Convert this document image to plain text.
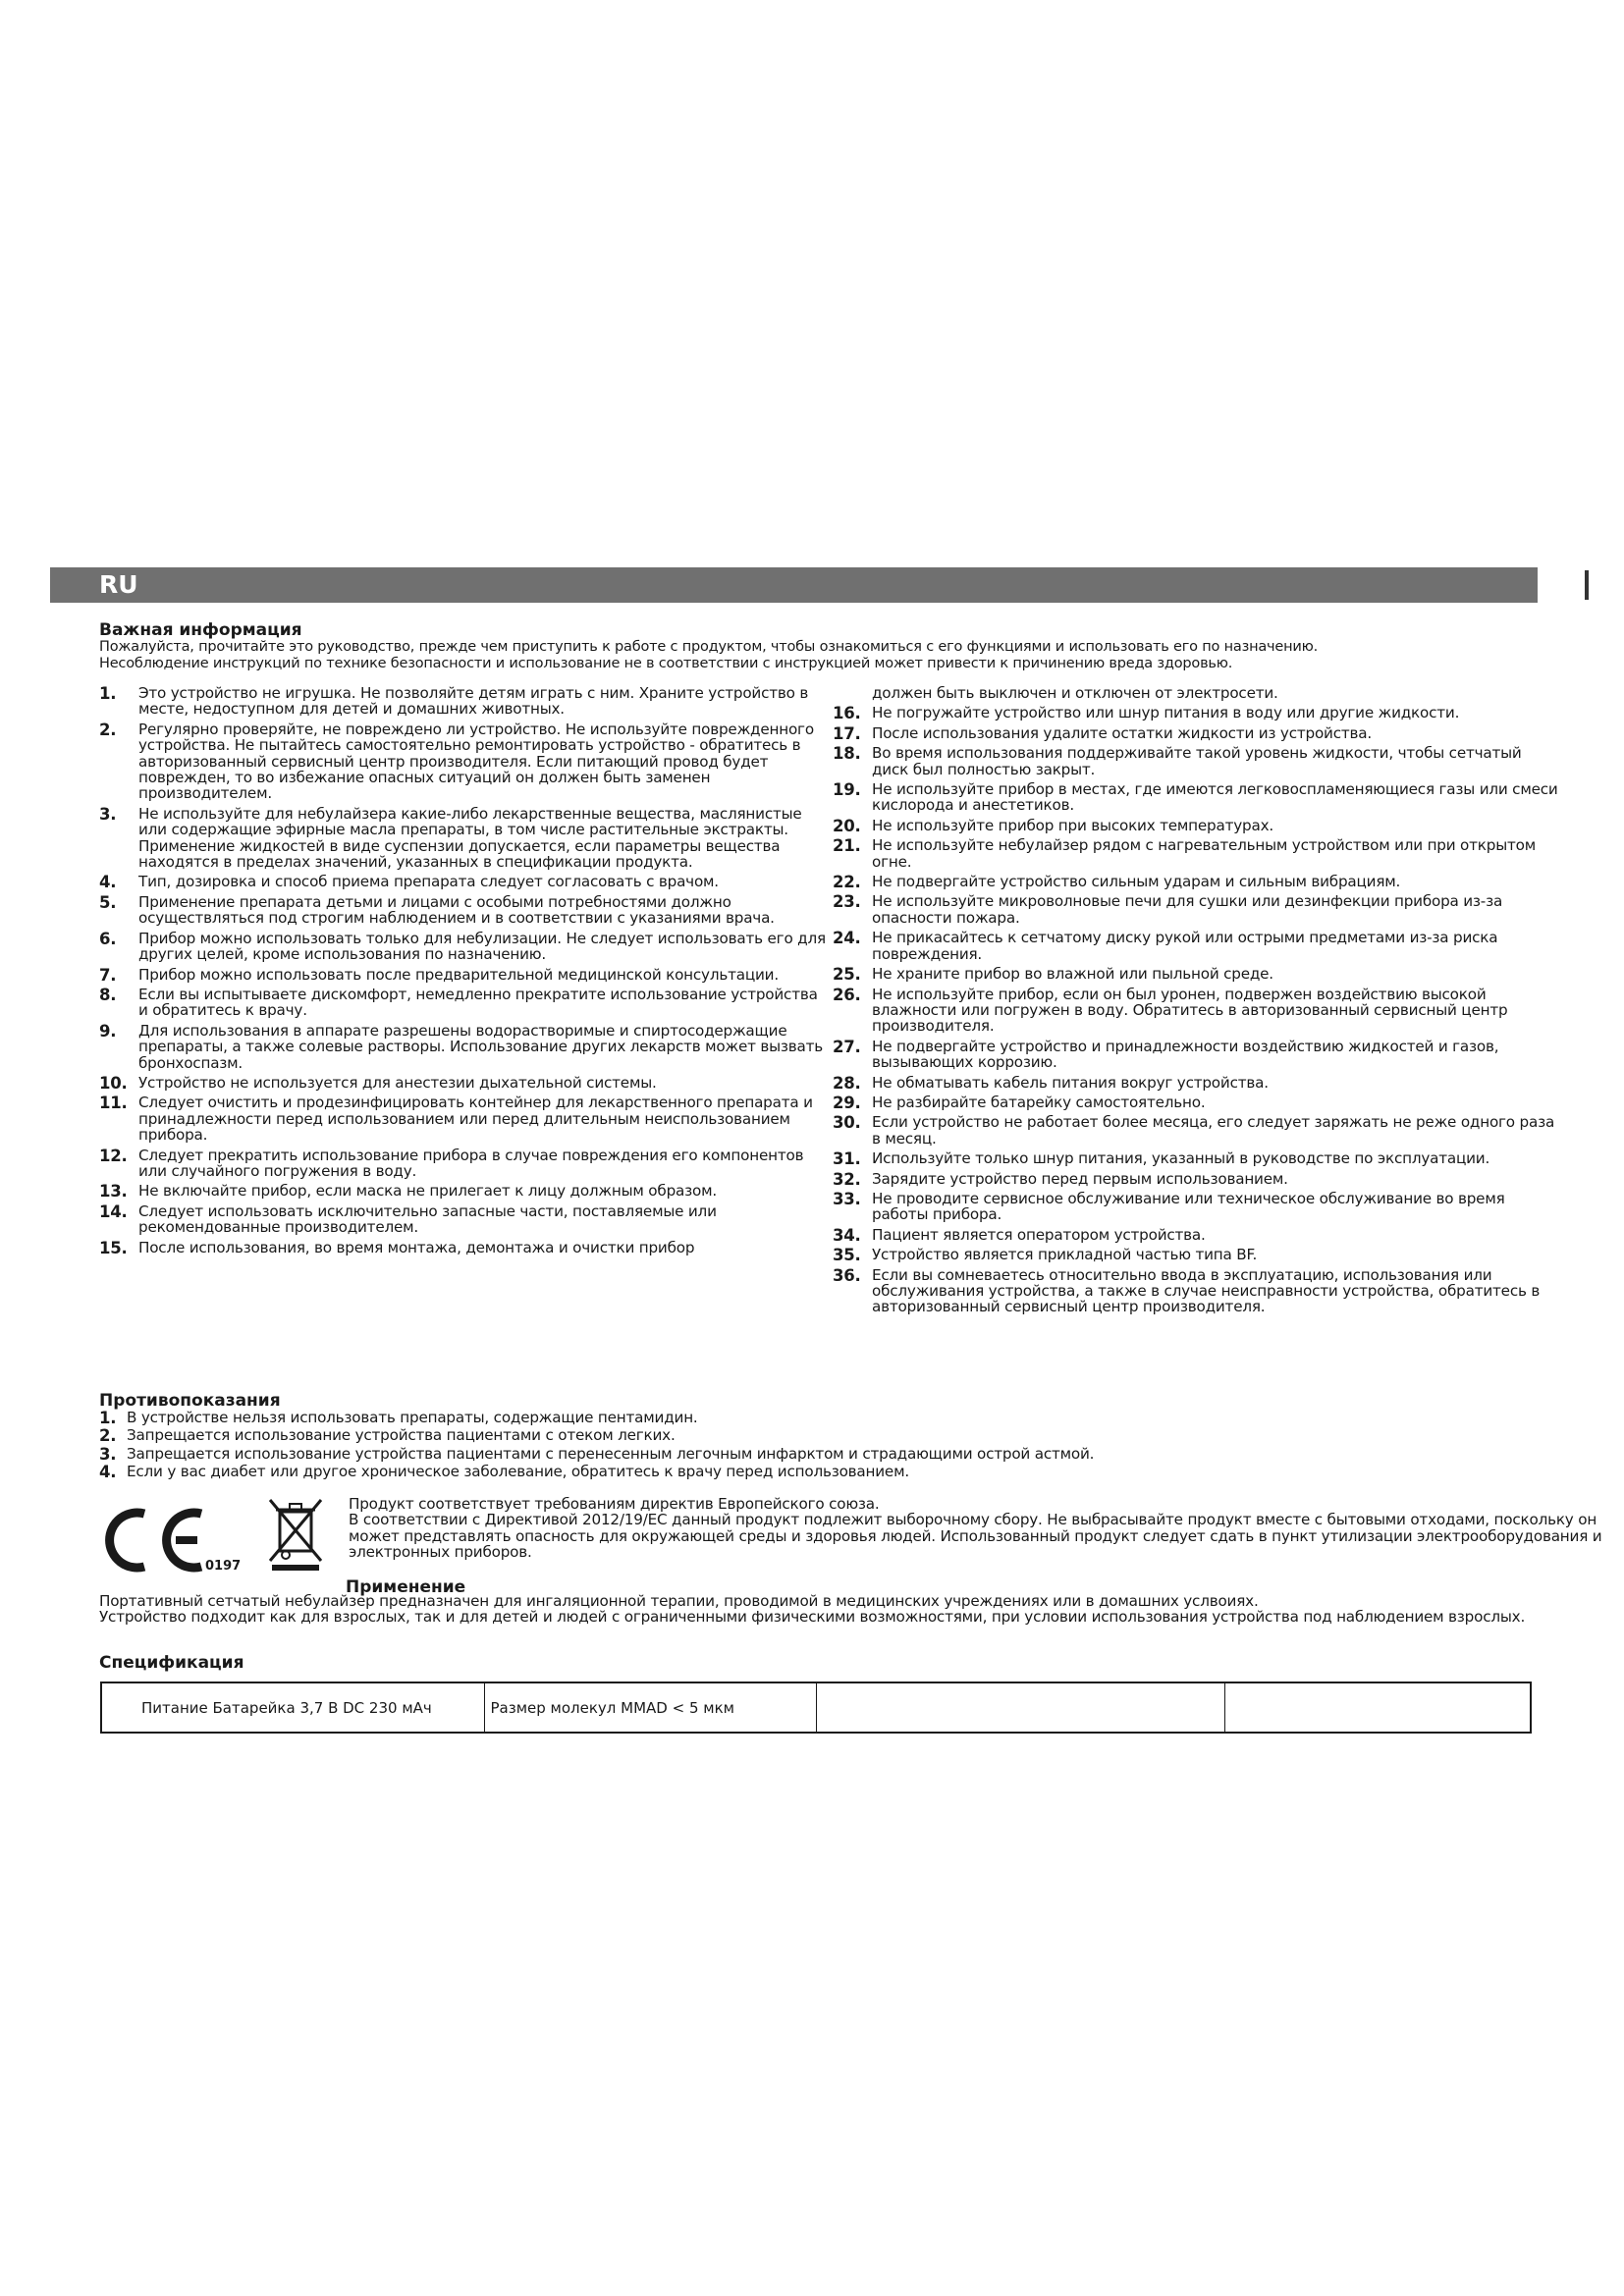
RU
Важная информация

Пожалуйста, прочитайте это руководство, прежде чем приступить к работе с продуктом, чтобы ознакомиться с его функциями и использовать его по назначению.

Несоблюдение инструкций по технике безопасности и использование не в соответствии с инструкцией может привести к причинению вреда здоровью.

1. Это устройство не игрушка. Не позволяйте детям играть с ним. Храните устройство в месте, недоступном для детей и домашних животных.
2. Регулярно проверяйте, не повреждено ли устройство. Не используйте поврежденного устройства. Не пытайтесь самостоятельно ремонтировать устройство - обратитесь в авторизованный сервисный центр производителя. Если питающий провод будет поврежден, то во избежание опасных ситуаций он должен быть заменен производителем.
3. Не используйте для небулайзера какие-либо лекарственные вещества, маслянистые или содержащие эфирные масла препараты, в том числе растительные экстракты. Применение жидкостей в виде суспензии допускается, если параметры вещества находятся в пределах значений, указанных в спецификации продукта.
4. Тип, дозировка и способ приема препарата следует согласовать с врачом.
5. Применение препарата детьми и лицами с особыми потребностями должно осуществляться под строгим наблюдением и в соответствии с указаниями врача.
6. Прибор можно использовать только для небулизации. Не следует использовать его для других целей, кроме использования по назначению.
7. Прибор можно использовать после предварительной медицинской консультации.
8. Если вы испытываете дискомфорт, немедленно прекратите использование устройства и обратитесь к врачу.
9. Для использования в аппарате разрешены водорастворимые и спиртосодержащие препараты, а также солевые растворы. Использование других лекарств может вызвать бронхоспазм.
10. Устройство не используется для анестезии дыхательной системы.
11. Следует очистить и продезинфицировать контейнер для лекарственного препарата и принадлежности перед использованием или перед длительным неиспользованием прибора.
12. Следует прекратить использование прибора в случае повреждения его компонентов или случайного погружения в воду.
13. Не включайте прибор, если маска не прилегает к лицу должным образом.
14. Следует использовать исключительно запасные части, поставляемые или рекомендованные производителем.
15. После использования, во время монтажа, демонтажа и очистки прибор
должен быть выключен и отключен от электросети.
16. Не погружайте устройство или шнур питания в воду или другие жидкости.
17. После использования удалите остатки жидкости из устройства.
18. Во время использования поддерживайте такой уровень жидкости, чтобы сетчатый диск был полностью закрыт.
19. Не используйте прибор в местах, где имеются легковоспламеняющиеся газы или смеси кислорода и анестетиков.
20. Не используйте прибор при высоких температурах.
21. Не используйте небулайзер рядом с нагревательным устройством или при открытом огне.
22. Не подвергайте устройство сильным ударам и сильным вибрациям.
23. Не используйте микроволновые печи для сушки или дезинфекции прибора из-за опасности пожара.
24. Не прикасайтесь к сетчатому диску рукой или острыми предметами из-за риска повреждения.
25. Не храните прибор во влажной или пыльной среде.
26. Не используйте прибор, если он был уронен, подвержен воздействию высокой влажности или погружен в воду. Обратитесь в авторизованный сервисный центр производителя.
27. Не подвергайте устройство и принадлежности воздействию жидкостей и газов, вызывающих коррозию.
28. Не обматывать кабель питания вокруг устройства.
29. Не разбирайте батарейку самостоятельно.
30. Если устройство не работает более месяца, его следует заряжать не реже одного раза в месяц.
31. Используйте только шнур питания, указанный в руководстве по эксплуатации.
32. Зарядите устройство перед первым использованием.
33. Не проводите сервисное обслуживание или техническое обслуживание во время работы прибора.
34. Пациент является оператором устройства.
35. Устройство является прикладной частью типа BF.
36. Если вы сомневаетесь относительно ввода в эксплуатацию, использования или обслуживания устройства, а также в случае неисправности устройства, обратитесь в авторизованный сервисный центр производителя.
Противопоказания
1. В устройстве нельзя использовать препараты, содержащие пентамидин.
2. Запрещается использование устройства пациентами с отеком легких.
3. Запрещается использование устройства пациентами с перенесенным легочным инфарктом и страдающими острой астмой.
4. Если у вас диабет или другое хроническое заболевание, обратитесь к врачу перед использованием.
0197

Продукт соответствует требованиям директив Европейского союза.

В соответствии с Директивой 2012/19/ЕС данный продукт подлежит выборочному сбору. Не выбрасывайте продукт вместе с бытовыми отходами, поскольку он может представлять опасность для окружающей среды и здоровья людей. Использованный продукт следует сдать в пункт утилизации электрооборудования и электронных приборов.

Применение

Портативный сетчатый небулайзер предназначен для ингаляционной терапии, проводимой в медицинских учреждениях или в домашних услвоиях.

Устройство подходит как для взрослых, так и для детей и людей с ограниченными физическими возможностями, при условии использования устройства под наблюдением взрослых.

Спецификация
Питание Батарейка 3,7 В DC 230 мАч	Размер молекул MMAD < 5 мкм		
